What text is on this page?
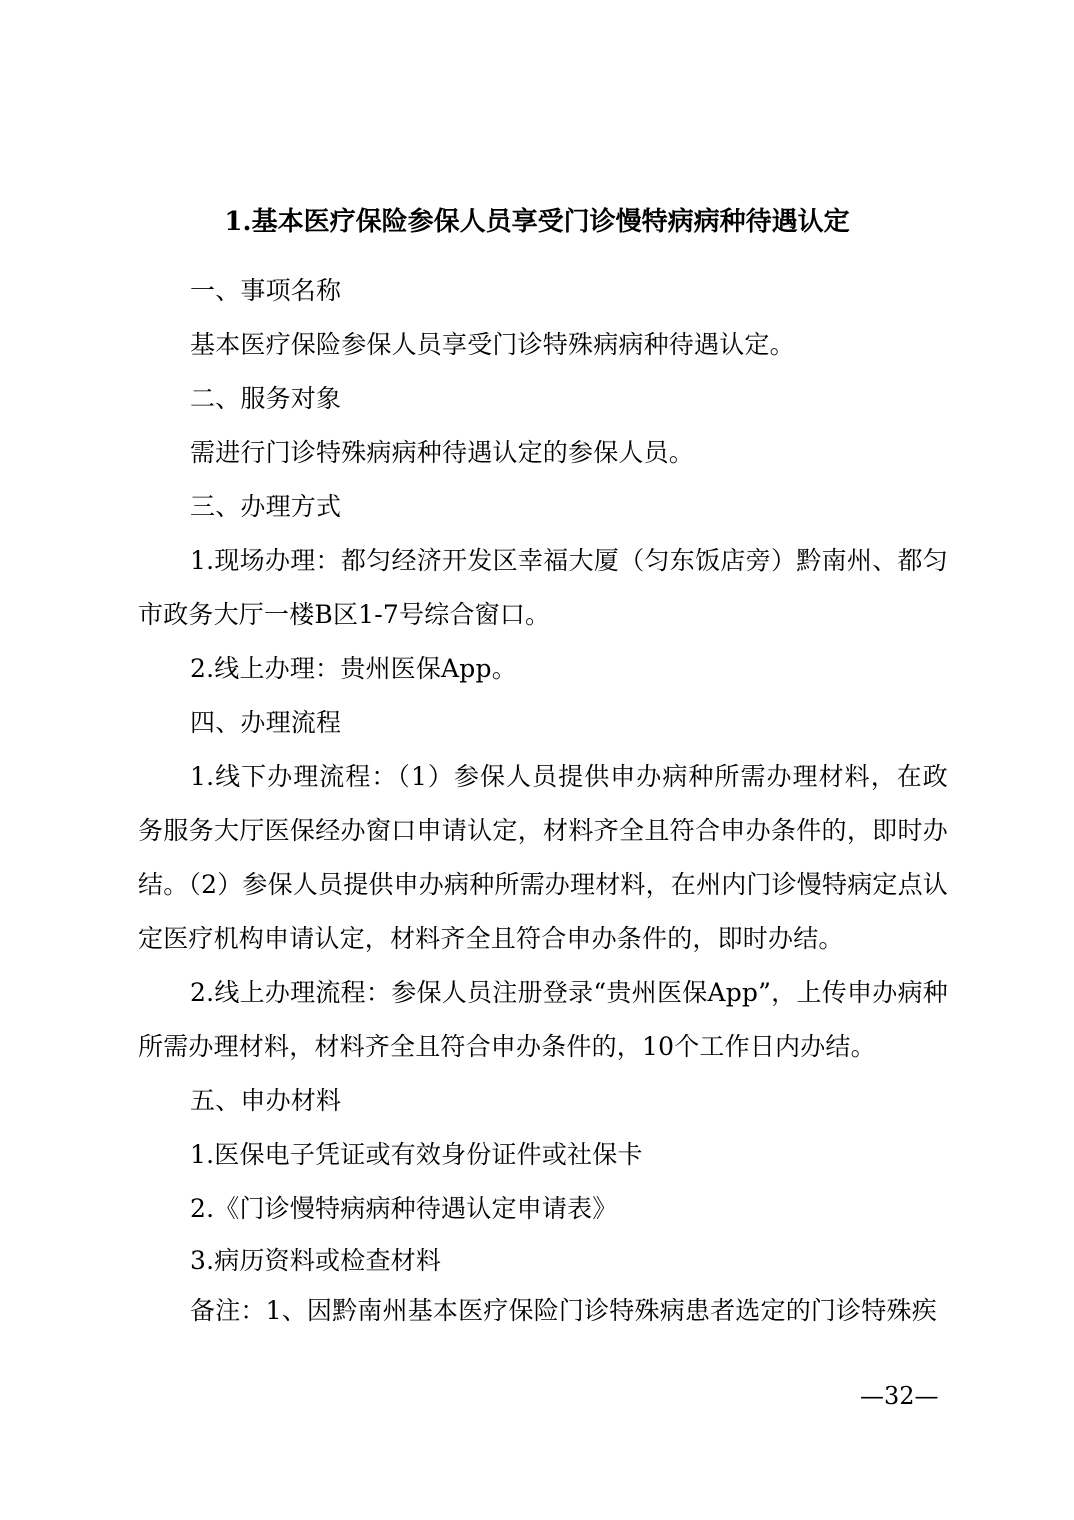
1.基本医疗保险参保人员享受门诊慢特病病种待遇认定

一、事项名称

基本医疗保险参保人员享受门诊特殊病病种待遇认定。

二、服务对象

需进行门诊特殊病病种待遇认定的参保人员。

三、办理方式

1.现场办理：都匀经济开发区幸福大厦（匀东饭店旁）黔南州、都匀市政务大厅一楼B区1-7号综合窗口。

2.线上办理：贵州医保App。

四、办理流程

1.线下办理流程：（1）参保人员提供申办病种所需办理材料，在政务服务大厅医保经办窗口申请认定，材料齐全且符合申办条件的，即时办结。（2）参保人员提供申办病种所需办理材料，在州内门诊慢特病定点认定医疗机构申请认定，材料齐全且符合申办条件的，即时办结。

2.线上办理流程：参保人员注册登录“贵州医保App”，上传申办病种所需办理材料，材料齐全且符合申办条件的，10个工作日内办结。

五、申办材料

1.医保电子凭证或有效身份证件或社保卡

2.《门诊慢特病病种待遇认定申请表》

3.病历资料或检查材料

备注：1、因黔南州基本医疗保险门诊特殊病患者选定的门诊特殊疾

—32—
